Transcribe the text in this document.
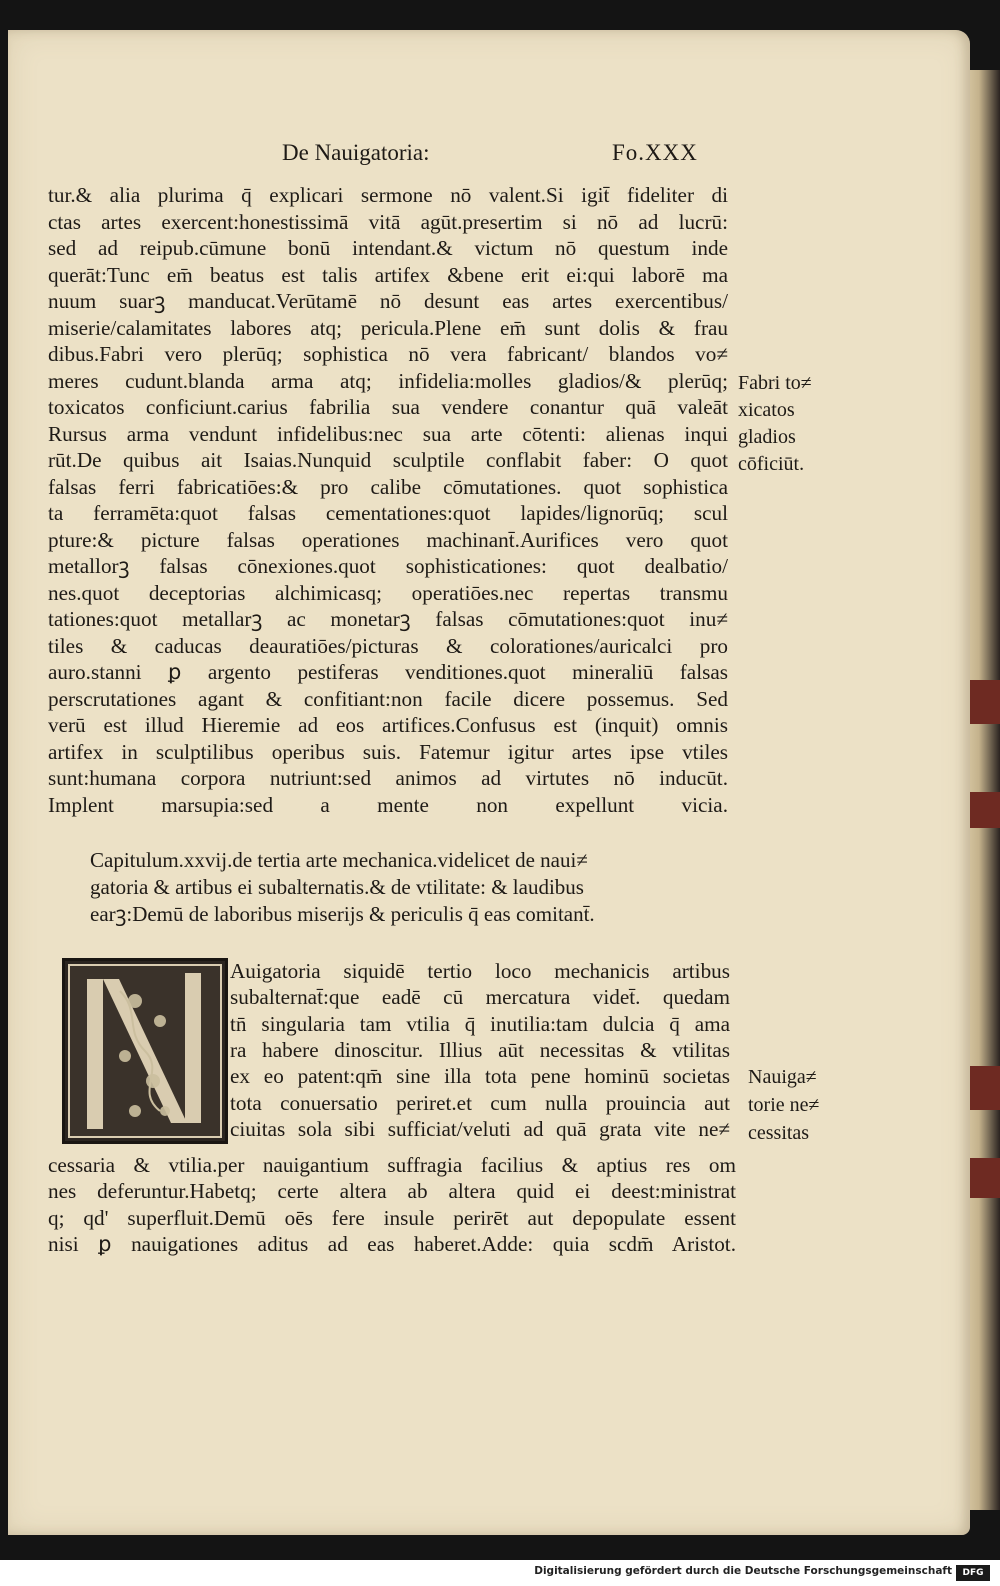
De Nauigatoria:	Fo.XXX
tur.& alia plurima q̄ explicari sermone nō valent.Si igit̄ fideliter di
ctas artes exercent:honestissimā vitā agūt.presertim si nō ad lucrū:
sed ad reipub.cūmune bonū intendant.& victum nō questum inde
querāt:Tunc em̄ beatus est talis artifex &bene erit ei:qui laborē ma
nuum suarꝫ manducat.Verūtamē nō desunt eas artes exercentibus/
miserie/calamitates labores atq; pericula.Plene em̄ sunt dolis & frau
dibus.Fabri vero plerūq; sophistica nō vera fabricant/ blandos vo≠
meres cudunt.blanda arma atq; infidelia:molles gladios/& plerūq;
toxicatos conficiunt.carius fabrilia sua vendere conantur quā valeāt
Rursus arma vendunt infidelibus:nec sua arte cōtenti: alienas inqui
rūt.De quibus ait Isaias.Nunquid sculptile conflabit faber: O quot
falsas ferri fabricatiōes:& pro calibe cōmutationes. quot sophistica
ta ferramēta:quot falsas cementationes:quot lapides/lignorūq; scul
pture:& picture falsas operationes machinant̄.Aurifices vero quot
metallorꝫ falsas cōnexiones.quot sophisticationes: quot dealbatio/
nes.quot deceptorias alchimicasq; operatiōes.nec repertas transmu
tationes:quot metallarꝫ ac monetarꝫ falsas cōmutationes:quot inu≠
tiles & caducas deauratiōes/picturas & colorationes/auricalci pro
auro.stanni ꝑ argento pestiferas venditiones.quot mineraliū falsas
perscrutationes agant & confitiant:non facile dicere possemus. Sed
verū est illud Hieremie ad eos artifices.Confusus est (inquit) omnis
artifex in sculptilibus operibus suis. Fatemur igitur artes ipse vtiles
sunt:humana corpora nutriunt:sed animos ad virtutes nō inducūt.
Implent marsupia:sed a mente non expellunt vicia.
Capitulum.xxvij.de tertia arte mechanica.videlicet de naui≠
gatoria & artibus ei subalternatis.& de vtilitate: & laudibus
earꝫ:Demū de laboribus miserijs & periculis q̄ eas comitant̄.
Auigatoria siquidē tertio loco mechanicis artibus
subalternat̄:que eadē cū mercatura videt̄. quedam
tn̄ singularia tam vtilia q̄ inutilia:tam dulcia q̄ ama
ra habere dinoscitur. Illius aūt necessitas & vtilitas
ex eo patent:qm̄ sine illa tota pene hominū societas
tota conuersatio periret.et cum nulla prouincia aut
ciuitas sola sibi sufficiat/veluti ad quā grata vite ne≠
cessaria & vtilia.per nauigantium suffragia facilius & aptius res om
nes deferuntur.Habetq; certe altera ab altera quid ei deest:ministrat
q; qd' superfluit.Demū oēs fere insule perirēt aut depopulate essent
nisi ꝑ nauigationes aditus ad eas haberet.Adde: quia scdm̄ Aristot.
Fabri to≠
xicatos
gladios
cōficiūt.
Nauiga≠
torie ne≠
cessitas
Digitalisierung gefördert durch die Deutsche Forschungsgemeinschaft	DFG
